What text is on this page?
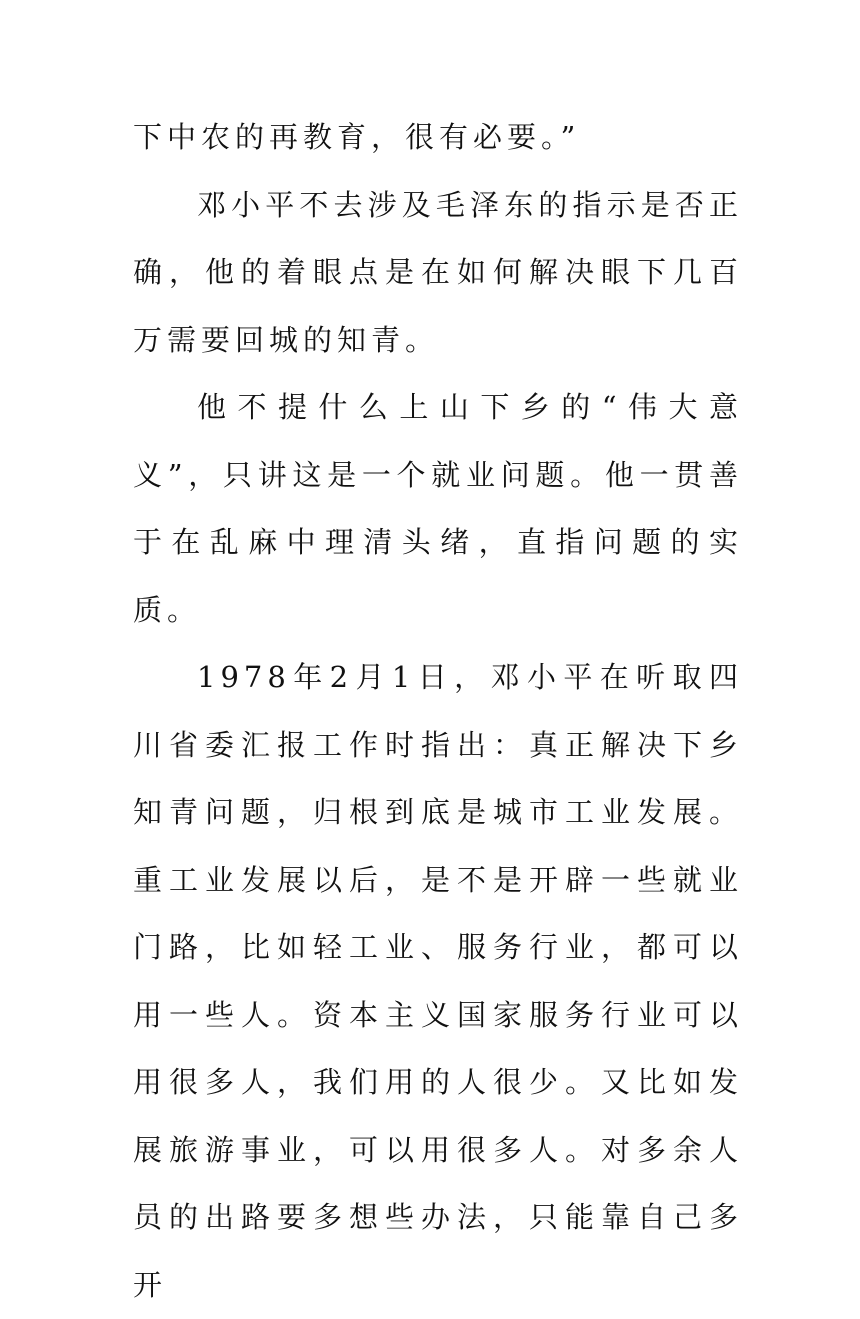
下中农的再教育，很有必要。”

邓小平不去涉及毛泽东的指示是否正确，他的着眼点是在如何解决眼下几百万需要回城的知青。

他不提什么上山下乡的“伟大意义”，只讲这是一个就业问题。他一贯善于在乱麻中理清头绪，直指问题的实质。

1978年2月1日，邓小平在听取四川省委汇报工作时指出：真正解决下乡知青问题，归根到底是城市工业发展。重工业发展以后，是不是开辟一些就业门路，比如轻工业、服务行业，都可以用一些人。资本主义国家服务行业可以用很多人，我们用的人很少。又比如发展旅游事业，可以用很多人。对多余人员的出路要多想些办法，只能靠自己多开
